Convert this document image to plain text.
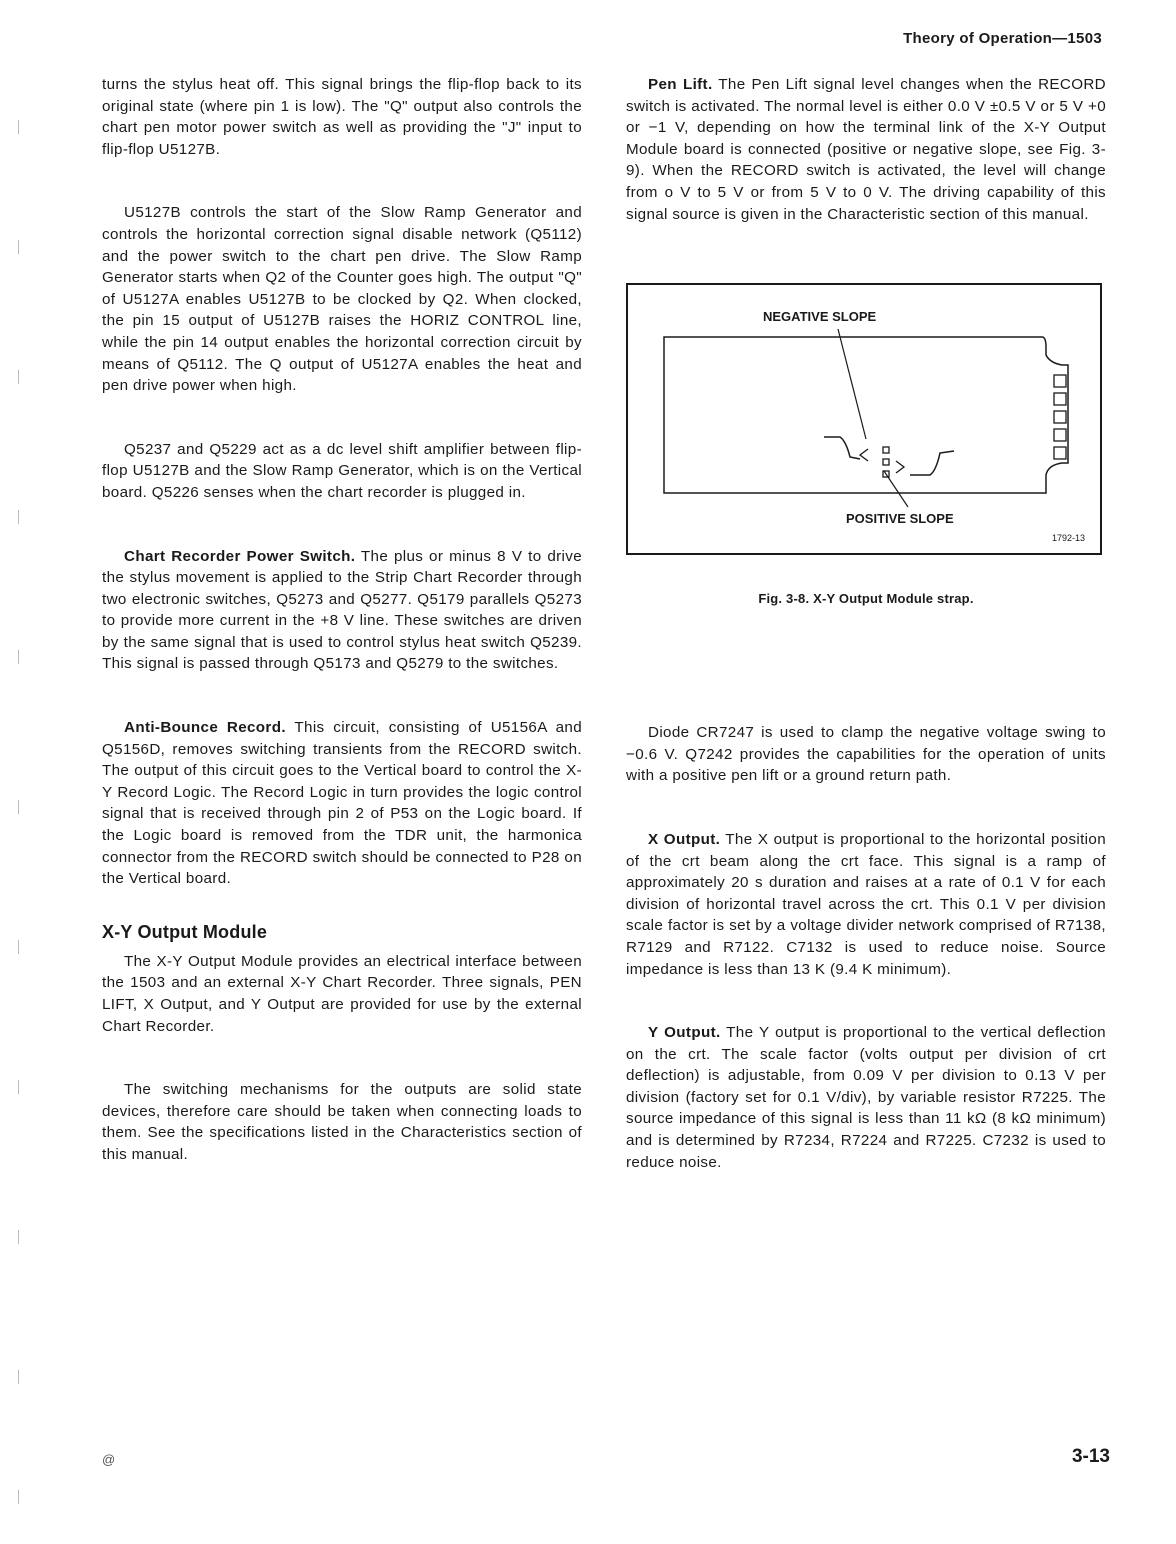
Theory of Operation—1503

turns the stylus heat off. This signal brings the flip-flop back to its original state (where pin 1 is low). The "Q" output also controls the chart pen motor power switch as well as providing the "J" input to flip-flop U5127B.

U5127B controls the start of the Slow Ramp Generator and controls the horizontal correction signal disable network (Q5112) and the power switch to the chart pen drive. The Slow Ramp Generator starts when Q2 of the Counter goes high. The output "Q" of U5127A enables U5127B to be clocked by Q2. When clocked, the pin 15 output of U5127B raises the HORIZ CONTROL line, while the pin 14 output enables the horizontal correction circuit by means of Q5112. The Q output of U5127A enables the heat and pen drive power when high.

Q5237 and Q5229 act as a dc level shift amplifier between flip-flop U5127B and the Slow Ramp Generator, which is on the Vertical board. Q5226 senses when the chart recorder is plugged in.

Chart Recorder Power Switch. The plus or minus 8 V to drive the stylus movement is applied to the Strip Chart Recorder through two electronic switches, Q5273 and Q5277. Q5179 parallels Q5273 to provide more current in the +8 V line. These switches are driven by the same signal that is used to control stylus heat switch Q5239. This signal is passed through Q5173 and Q5279 to the switches.

Anti-Bounce Record. This circuit, consisting of U5156A and Q5156D, removes switching transients from the RECORD switch. The output of this circuit goes to the Vertical board to control the X-Y Record Logic. The Record Logic in turn provides the logic control signal that is received through pin 2 of P53 on the Logic board. If the Logic board is removed from the TDR unit, the harmonica connector from the RECORD switch should be connected to P28 on the Vertical board.

X-Y Output Module

The X-Y Output Module provides an electrical interface between the 1503 and an external X-Y Chart Recorder. Three signals, PEN LIFT, X Output, and Y Output are provided for use by the external Chart Recorder.

The switching mechanisms for the outputs are solid state devices, therefore care should be taken when connecting loads to them. See the specifications listed in the Characteristics section of this manual.

Pen Lift. The Pen Lift signal level changes when the RECORD switch is activated. The normal level is either 0.0 V ±0.5 V or 5 V +0 or −1 V, depending on how the terminal link of the X-Y Output Module board is connected (positive or negative slope, see Fig. 3-9). When the RECORD switch is activated, the level will change from o V to 5 V or from 5 V to 0 V. The driving capability of this signal source is given in the Characteristic section of this manual.

NEGATIVE SLOPE
POSITIVE SLOPE
1792-13
Fig. 3-8. X-Y Output Module strap.

Diode CR7247 is used to clamp the negative voltage swing to −0.6 V. Q7242 provides the capabilities for the operation of units with a positive pen lift or a ground return path.

X Output. The X output is proportional to the horizontal position of the crt beam along the crt face. This signal is a ramp of approximately 20 s duration and raises at a rate of 0.1 V for each division of horizontal travel across the crt. This 0.1 V per division scale factor is set by a voltage divider network comprised of R7138, R7129 and R7122. C7132 is used to reduce noise. Source impedance is less than 13 K (9.4 K minimum).

Y Output. The Y output is proportional to the vertical deflection on the crt. The scale factor (volts output per division of crt deflection) is adjustable, from 0.09 V per division to 0.13 V per division (factory set for 0.1 V/div), by variable resistor R7225. The source impedance of this signal is less than 11 kΩ (8 kΩ minimum) and is determined by R7234, R7224 and R7225. C7232 is used to reduce noise.

@	3-13
